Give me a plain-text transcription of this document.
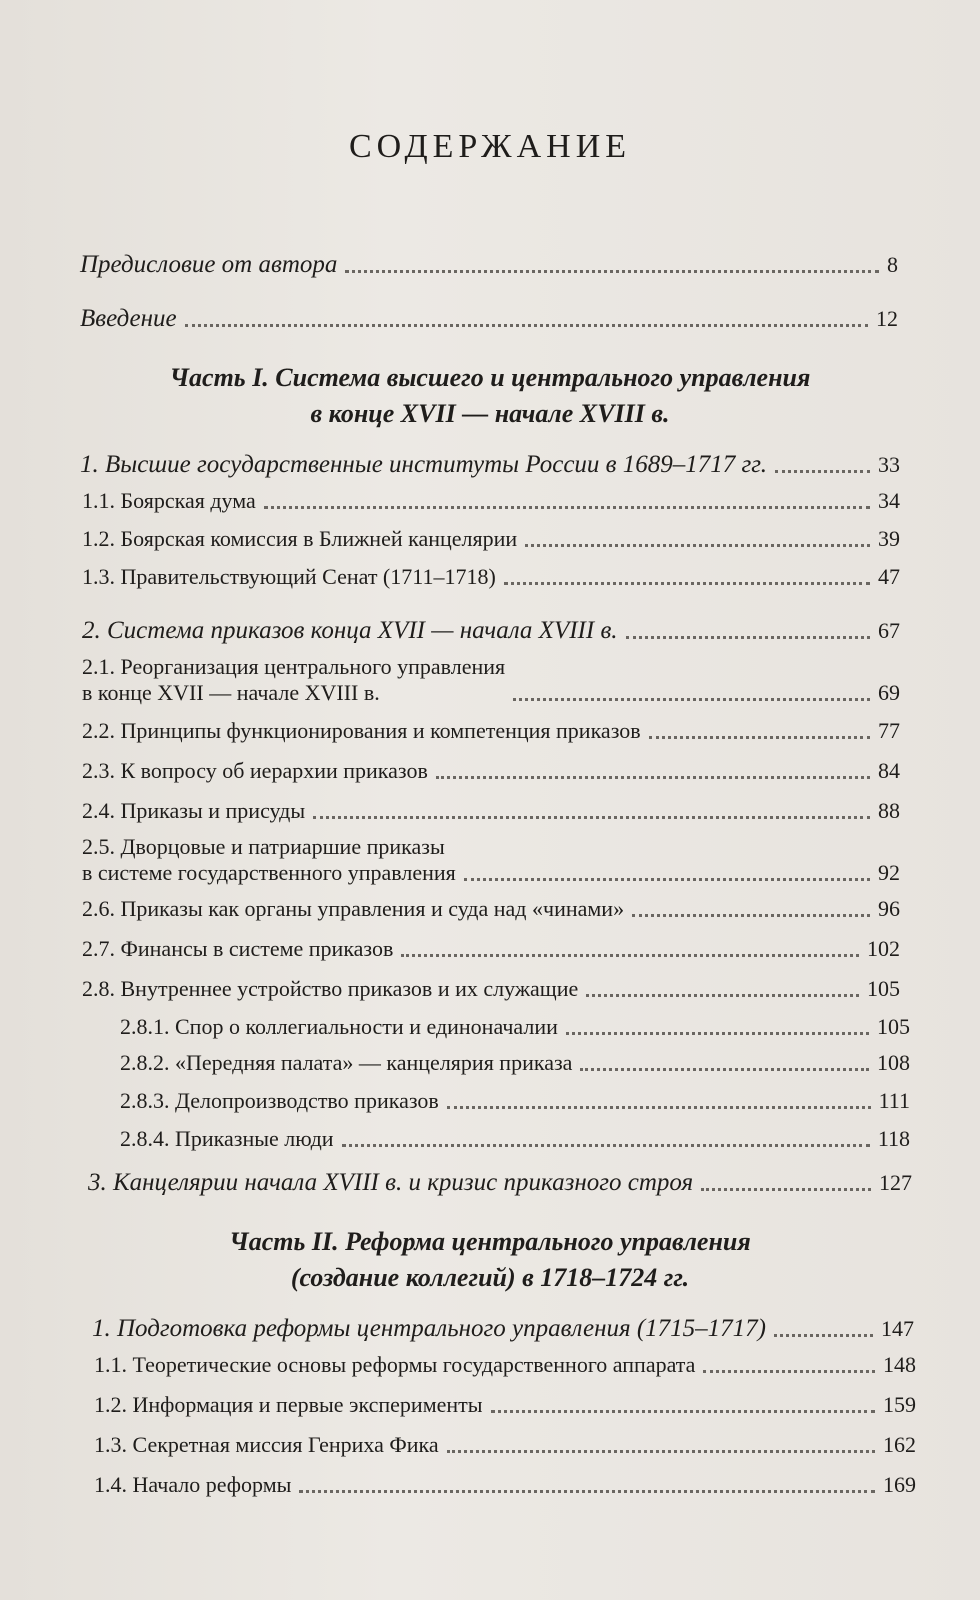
СОДЕРЖАНИЕ
Предисловие от автора	8
Введение	12
Часть I. Система высшего и центрального управления
в конце XVII — начале XVIII в.
1. Высшие государственные институты России в 1689–1717 гг.	33
1.1. Боярская дума	34
1.2. Боярская комиссия в Ближней канцелярии	39
1.3. Правительствующий Сенат (1711–1718)	47
2. Система приказов конца XVII — начала XVIII в.	67
2.1. Реорганизация центрального управления
в конце XVII — начале XVIII в.	69
2.2. Принципы функционирования и компетенция приказов	77
2.3. К вопросу об иерархии приказов	84
2.4. Приказы и присуды	88
2.5. Дворцовые и патриаршие приказы
в системе государственного управления	92
2.6. Приказы как органы управления и суда над «чинами»	96
2.7. Финансы в системе приказов	102
2.8. Внутреннее устройство приказов и их служащие	105
2.8.1. Спор о коллегиальности и единоначалии	105
2.8.2. «Передняя палата» — канцелярия приказа	108
2.8.3. Делопроизводство приказов	111
2.8.4. Приказные люди	118
3. Канцелярии начала XVIII в. и кризис приказного строя	127
Часть II. Реформа центрального управления
(создание коллегий) в 1718–1724 гг.
1. Подготовка реформы центрального управления (1715–1717)	147
1.1. Теоретические основы реформы государственного аппарата	148
1.2. Информация и первые эксперименты	159
1.3. Секретная миссия Генриха Фика	162
1.4. Начало реформы	169
